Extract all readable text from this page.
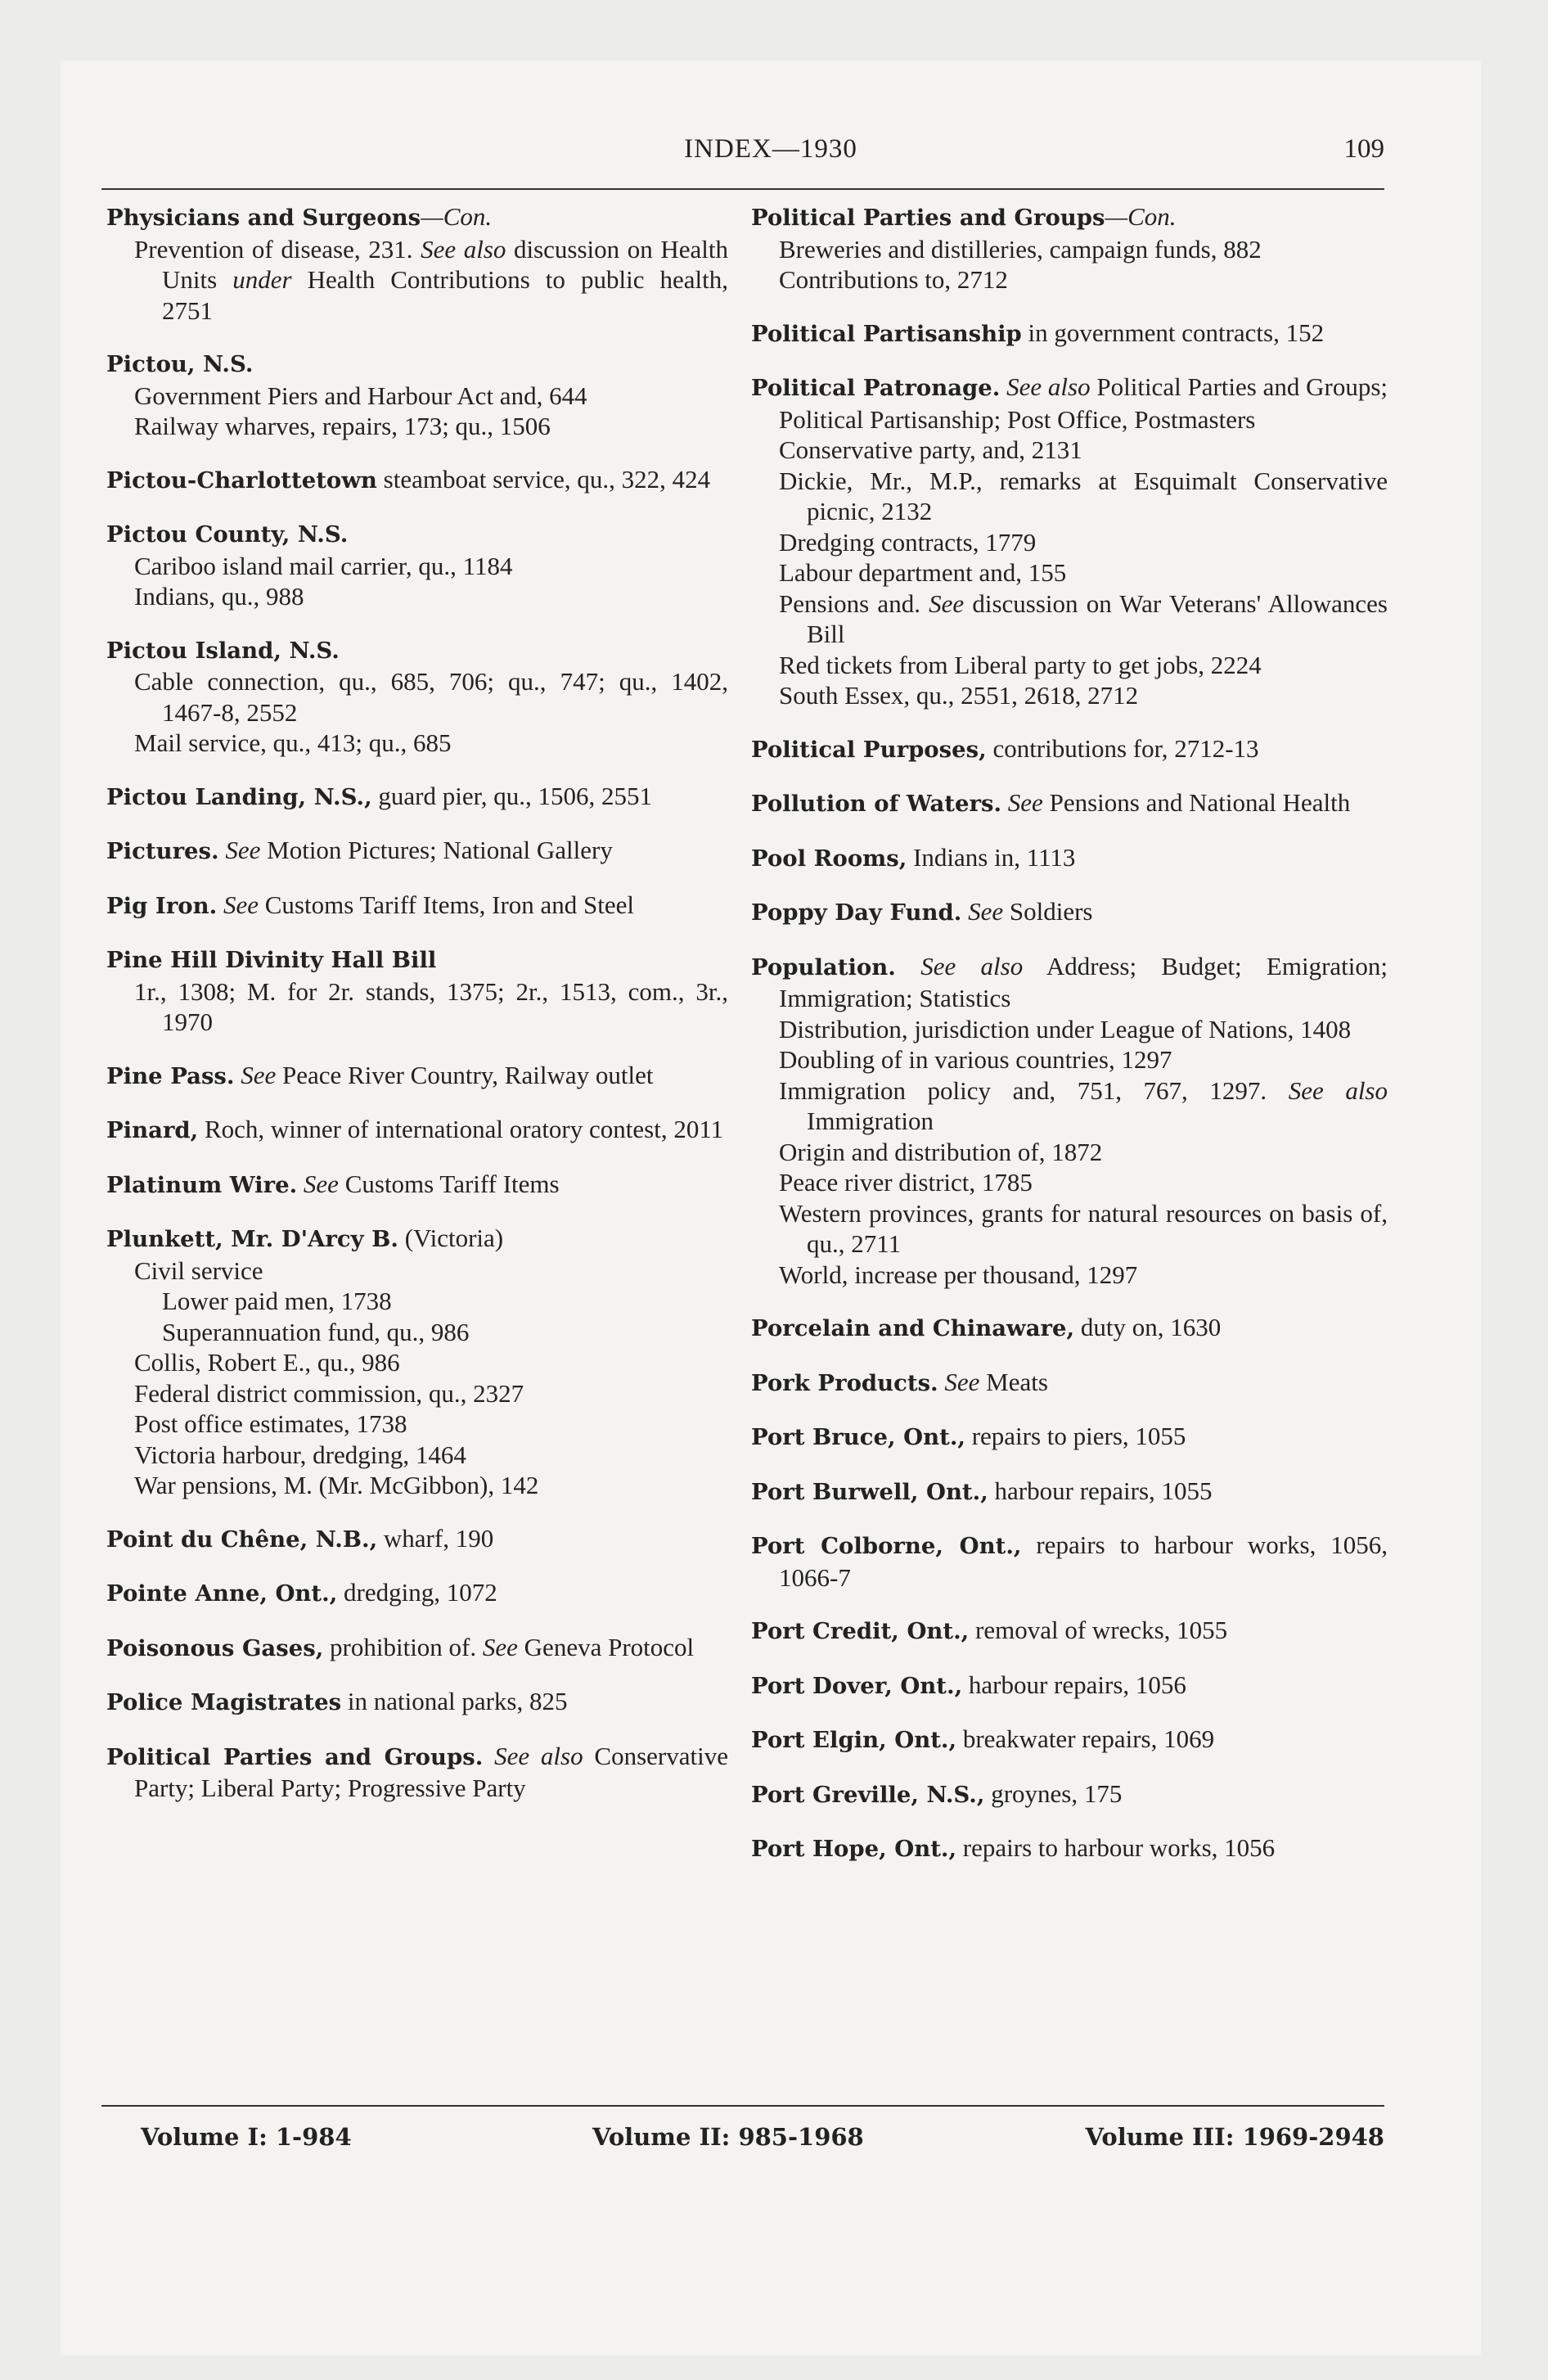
INDEX—1930	109
Physicians and Surgeons—Con.
Prevention of disease, 231. See also discussion on Health Units under Health Contributions to public health, 2751
Pictou, N.S.
Government Piers and Harbour Act and, 644
Railway wharves, repairs, 173; qu., 1506
Pictou-Charlottetown steamboat service, qu., 322, 424
Pictou County, N.S.
Cariboo island mail carrier, qu., 1184
Indians, qu., 988
Pictou Island, N.S.
Cable connection, qu., 685, 706; qu., 747; qu., 1402, 1467-8, 2552
Mail service, qu., 413; qu., 685
Pictou Landing, N.S., guard pier, qu., 1506, 2551
Pictures. See Motion Pictures; National Gallery
Pig Iron. See Customs Tariff Items, Iron and Steel
Pine Hill Divinity Hall Bill
1r., 1308; M. for 2r. stands, 1375; 2r., 1513, com., 3r., 1970
Pine Pass. See Peace River Country, Railway outlet
Pinard, Roch, winner of international oratory contest, 2011
Platinum Wire. See Customs Tariff Items
Plunkett, Mr. D'Arcy B. (Victoria)
Civil service
Lower paid men, 1738
Superannuation fund, qu., 986
Collis, Robert E., qu., 986
Federal district commission, qu., 2327
Post office estimates, 1738
Victoria harbour, dredging, 1464
War pensions, M. (Mr. McGibbon), 142
Point du Chêne, N.B., wharf, 190
Pointe Anne, Ont., dredging, 1072
Poisonous Gases, prohibition of. See Geneva Protocol
Police Magistrates in national parks, 825
Political Parties and Groups. See also Conservative Party; Liberal Party; Progressive Party
Political Parties and Groups—Con.
Breweries and distilleries, campaign funds, 882
Contributions to, 2712
Political Partisanship in government contracts, 152
Political Patronage. See also Political Parties and Groups; Political Partisanship; Post Office, Postmasters
Conservative party, and, 2131
Dickie, Mr., M.P., remarks at Esquimalt Conservative picnic, 2132
Dredging contracts, 1779
Labour department and, 155
Pensions and. See discussion on War Veterans' Allowances Bill
Red tickets from Liberal party to get jobs, 2224
South Essex, qu., 2551, 2618, 2712
Political Purposes, contributions for, 2712-13
Pollution of Waters. See Pensions and National Health
Pool Rooms, Indians in, 1113
Poppy Day Fund. See Soldiers
Population. See also Address; Budget; Emigration; Immigration; Statistics
Distribution, jurisdiction under League of Nations, 1408
Doubling of in various countries, 1297
Immigration policy and, 751, 767, 1297. See also Immigration
Origin and distribution of, 1872
Peace river district, 1785
Western provinces, grants for natural resources on basis of, qu., 2711
World, increase per thousand, 1297
Porcelain and Chinaware, duty on, 1630
Pork Products. See Meats
Port Bruce, Ont., repairs to piers, 1055
Port Burwell, Ont., harbour repairs, 1055
Port Colborne, Ont., repairs to harbour works, 1056, 1066-7
Port Credit, Ont., removal of wrecks, 1055
Port Dover, Ont., harbour repairs, 1056
Port Elgin, Ont., breakwater repairs, 1069
Port Greville, N.S., groynes, 175
Port Hope, Ont., repairs to harbour works, 1056
Volume I: 1-984	Volume II: 985-1968	Volume III: 1969-2948
